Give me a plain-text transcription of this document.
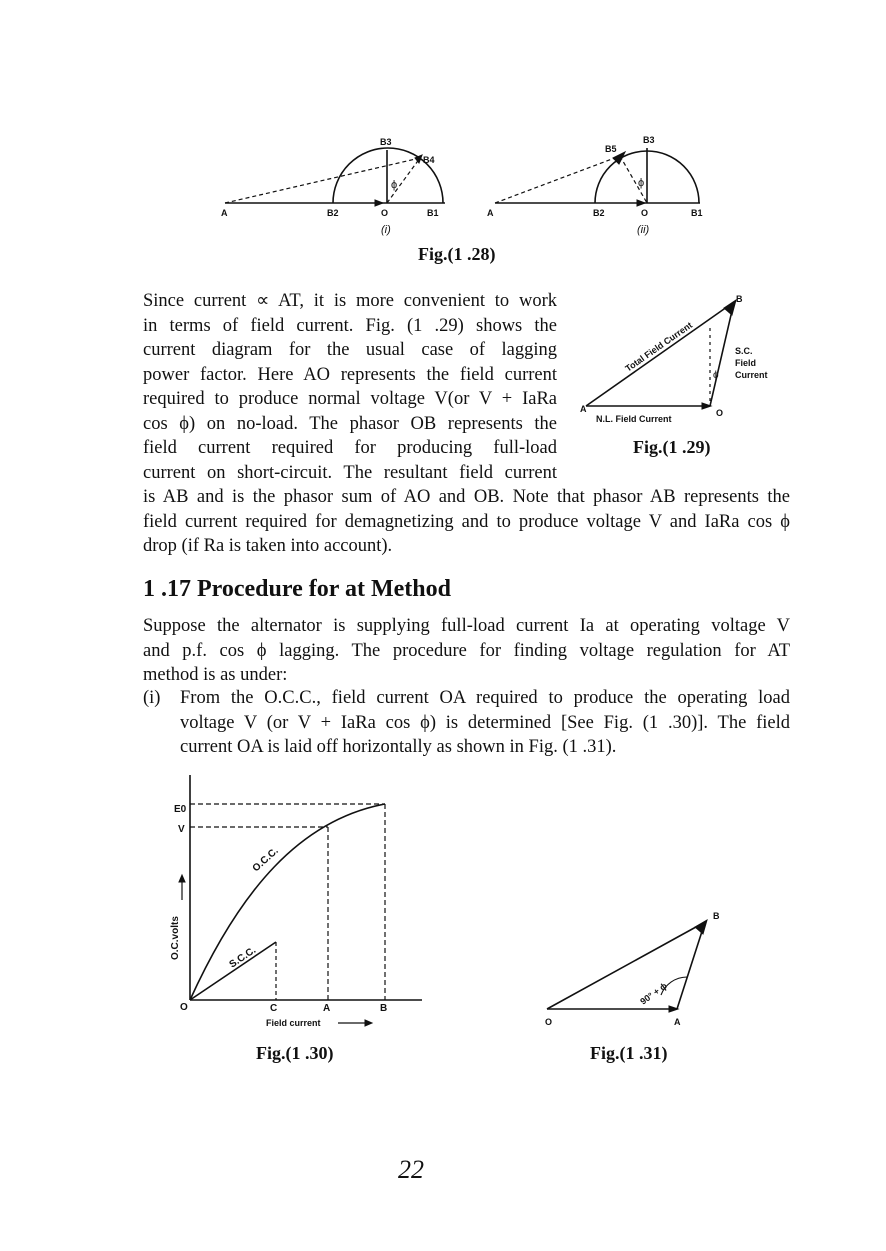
B3
B4
ϕ
A	B2	O	B1
(i)
B5
B3
ϕ
A	B2	O	B1
(ii)
Fig.(1 .28)
Since current ∝ AT, it is more convenient to work
in terms of field current. Fig. (1 .29) shows the
current diagram for the usual case of lagging
power factor. Here AO represents the field current
required to produce normal voltage V(or V + IaRa
cos ϕ) on no-load. The phasor OB represents the
field current required for producing full-load
current on short-circuit. The resultant field current
is AB and is the phasor sum of AO and OB. Note that phasor AB represents the
field current required for demagnetizing and to produce voltage V and IaRa cos ϕ
drop (if Ra is taken into account).
B
A	O
Total Field Current	S.C.
Field
Current
ϕ
N.L. Field Current
Fig.(1 .29)
1 .17 Procedure for at Method
Suppose the alternator is supplying full-load current Ia at operating voltage V
and p.f. cos ϕ lagging. The procedure for finding voltage regulation for AT
method is as under:
(i) From the O.C.C., field current OA required to produce the operating load
voltage V (or V + IaRa cos ϕ) is determined [See Fig. (1 .30)]. The field
current OA is laid off horizontally as shown in Fig. (1 .31).
E0
V
O	C	A	B
O.C.C.
S.C.C.
O.C.volts
Field current
Fig.(1 .30)
B
O	A
90° + ϕ
Fig.(1 .31)
22
